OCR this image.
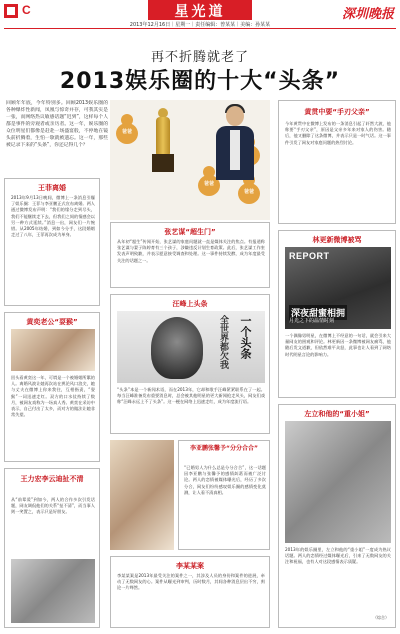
C	星光道	深圳晚报
2013年12月16日｜星期一｜责任编辑：曾某某｜美编：孙某某
再不折腾就老了
2013娱乐圈的十大“头条”
回顾年年底，今年特别多。回顾2013娱乐圈的各种爆炸性新闻，凤凰与惊奇并存，可我其实是一张，而网络热议敏感话题“迟到”，这样每个人都是事件的旁观者或亲历者。这一年，娱乐圈的众位明星们都像是赶赴一场盛宴般，不停地在镜头前折腾着，生怕一歇就被遗忘。这一年，那些被记录下来的“头条”，你还记得几个？
王菲离婚
2013年9月13日晚间，微博上一条消息引爆了娱乐圈：王菲与李亚鹏正式宣布离婚。两人通过微博发布声明：“我们的缘分走到尽头，我们不能继续走下去，但我们之间的情感会以另一种方式延续。”消息一出，网友们一片惋惜。从2005年结婚，到如今分手，这段婚姻走过了八年，王菲再次成为单身。
黄奕老公“耍猴”
回头看黄奕这一年，可谓是一个被婚姻所累的人。离婚风波让她再次站在舆论风口浪尖，她与丈夫在微博上你来我往，互相指责，“耍猴”一词迅速走红。双方的口水仗持续了数月，被网友戏称为一场真人秀。黄奕在采访中表示，自己付出了太多，而对方的做法让她非常失望。
王力宏李云迪扯不清
从“前辈爱”到如今，两人的合作多次引发话题，网友调侃他们的关系“扯不清”，而当事人则一笑置之，表示只是好朋友。
爸爸
爸爸
爸爸
张艺谋“超生门”
从年初“超生”传闻开始，张艺谋的家庭问题就一直是媒体关注的焦点。有报道称张艺谋与妻子陈婷育有三个孩子，涉嫌违反计划生育政策。此后，张艺谋工作室发表声明致歉，并表示愿意接受调查和处理。这一事件持续发酵，成为年度最受关注的话题之一。
汪峰上头条
一个头条
全世界都欠我
“头条”本是一个新闻术语，而在2013年，它却和歌手汪峰紧紧联系在了一起。每当汪峰准备发布重要消息时，总会被其他明星的更大新闻抢走风头，网友们戏称“汪峰永远上不了头条”。这一梗在网络上迅速走红，成为年度流行语。
李亚鹏张馨予“分分合合”
“已婚男人为什么总是分分合合”，这一话题因李亚鹏与张馨予的感情纠葛而被广泛讨论。两人的恋情被媒体曝光后，经历了多次分合，网友们纷纷感叹娱乐圈的感情变化莫测，让人看不清真相。
李某某案
李某某案是2013年最受关注的案件之一，其涉及人员的身份和案件的进展，牵动了无数网友的心。案件从曝光到审判，历时数月，其间各种消息层出不穷，舆论一片哗然。
黄贯中要“手刃父亲”
今年黄贯中在微博上发布的一条消息引起了轩然大波，他称要“手刃父亲”，原因是父亲多年来对家人的伤害。随后，他又删除了这条微博，并表示只是一时气话。这一事件引发了网友对家庭问题的热烈讨论。
林更新微博被骂
REPORT
深夜甜蜜相拥
月光之下的温情时刻
一个偶像男明星，在微博上不经意的一句话，就会引来大量网友的围观和评论。林更新因一条微博被网友痛骂，他随后发文道歉，但依然难平众怒，此事也让人看到了网络时代明星言论的影响力。
左立和他的“重小姐”
2013年的娱乐圈里，左立和他的“重小姐”一度成为热议话题。两人的恋情经过媒体曝光后，引来了无数网友的关注和祝福，也有人对这段感情表示质疑。
（综合）
